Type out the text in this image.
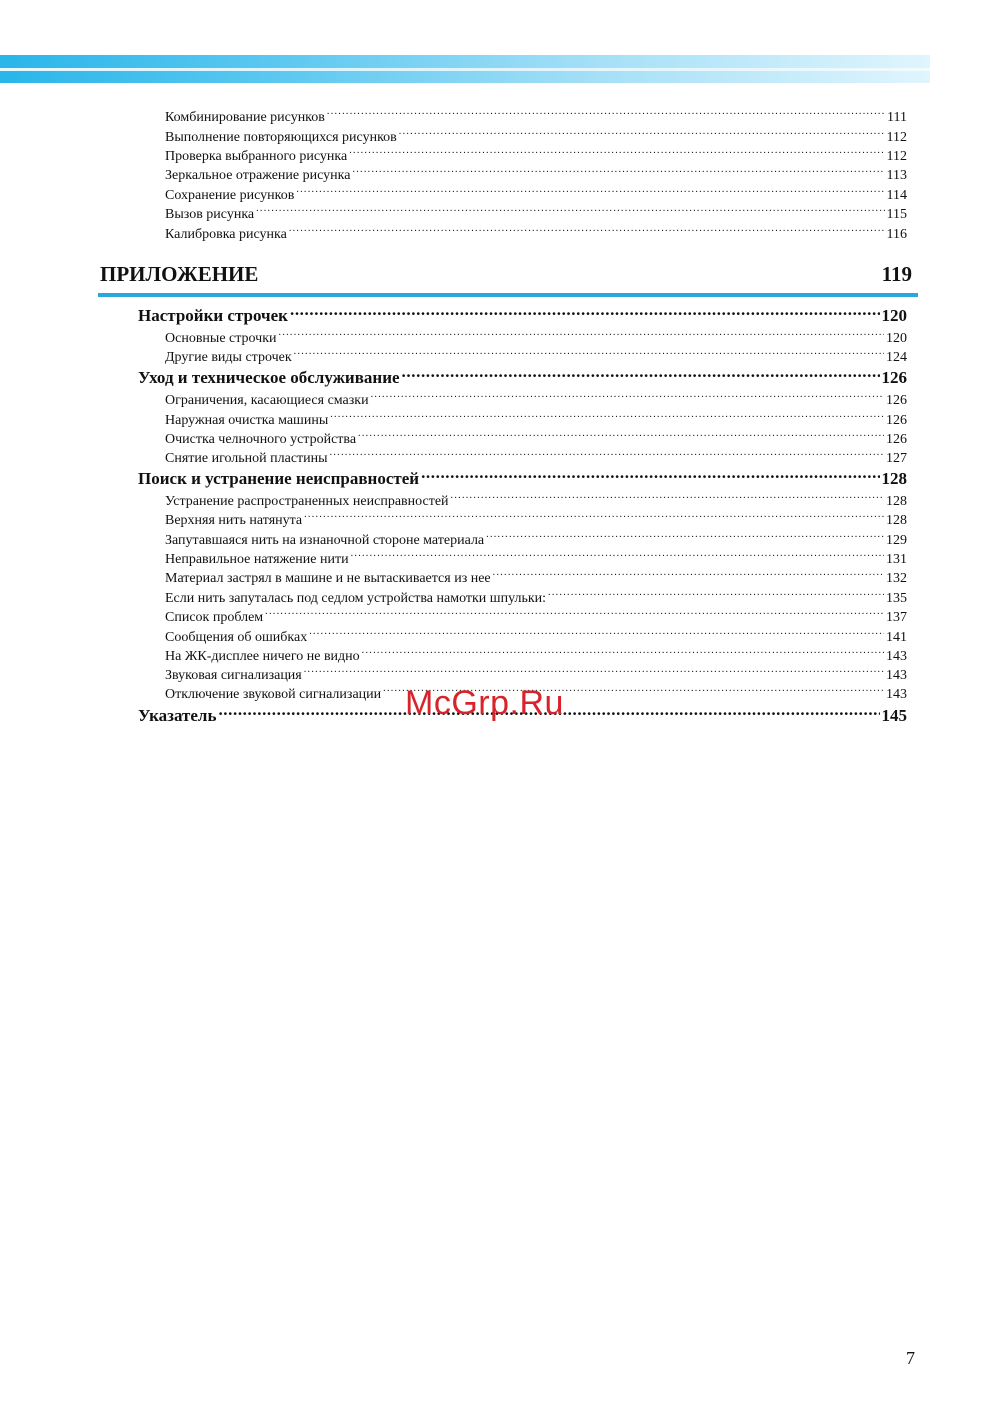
Комбинирование рисунков .....	111
Выполнение повторяющихся рисунков .....	112
Проверка выбранного рисунка .....	112
Зеркальное отражение рисунка .....	113
Сохранение рисунков .....	114
Вызов рисунка .....	115
Калибровка рисунка .....	116
ПРИЛОЖЕНИЕ	119
Настройки строчек .....	120
Основные строчки .....	120
Другие виды строчек .....	124
Уход и техническое обслуживание .....	126
Ограничения, касающиеся смазки .....	126
Наружная очистка машины .....	126
Очистка челночного устройства .....	126
Снятие игольной пластины .....	127
Поиск и устранение неисправностей .....	128
Устранение распространенных неисправностей .....	128
Верхняя нить натянута .....	128
Запутавшаяся нить на изнаночной стороне материала .....	129
Неправильное натяжение нити .....	131
Материал застрял в машине и не вытаскивается из нее .....	132
Если нить запуталась под седлом устройства намотки шпульки: .....	135
Список проблем .....	137
Сообщения об ошибках .....	141
На ЖК-дисплее ничего не видно .....	143
Звуковая сигнализация .....	143
Отключение звуковой сигнализации .....	143
Указатель .....	145
McGrp.Ru
7
